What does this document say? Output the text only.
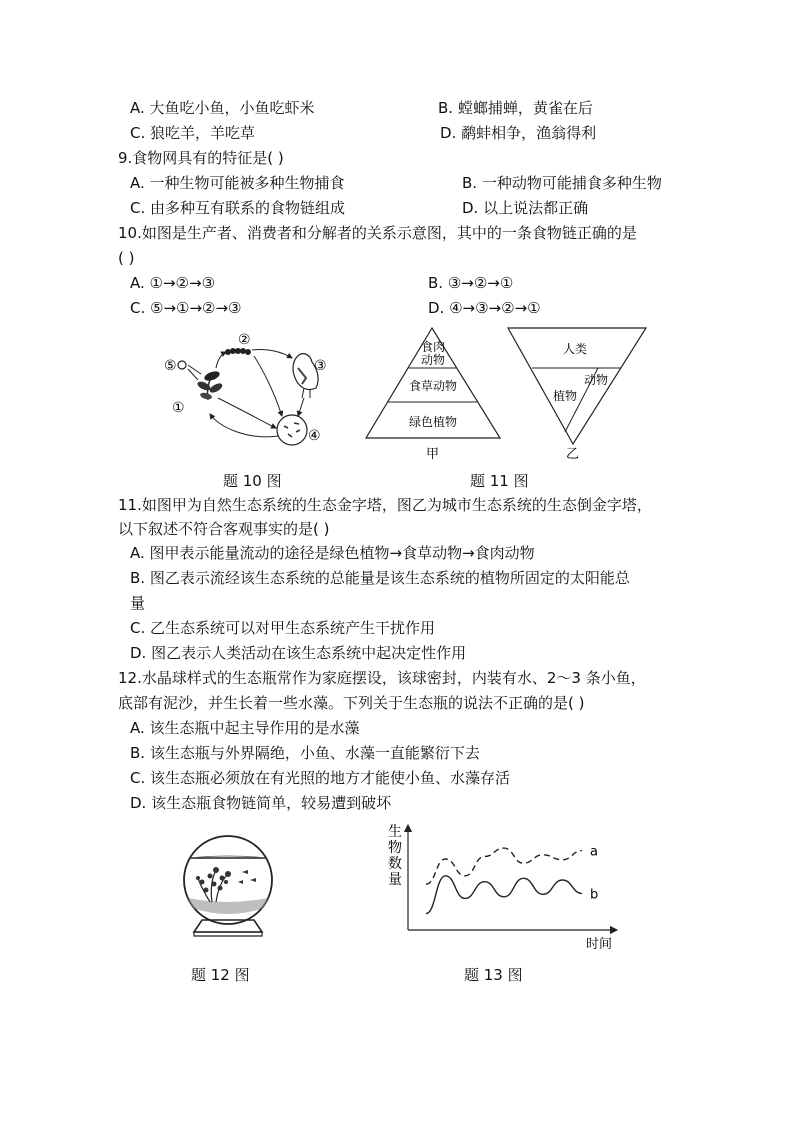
A. 大鱼吃小鱼，小鱼吃虾米	B. 螳螂捕蝉，黄雀在后
C. 狼吃羊，羊吃草	D. 鹬蚌相争，渔翁得利
9.食物网具有的特征是( )
A. 一种生物可能被多种生物捕食	B. 一种动物可能捕食多种生物
C. 由多种互有联系的食物链组成	D. 以上说法都正确
10.如图是生产者、消费者和分解者的关系示意图，其中的一条食物链正确的是
( )
A. ①→②→③	B. ③→②→①
C. ⑤→①→②→③	D. ④→③→②→①
⑤
①
②
③
④
题 10 图
食肉
动物
食草动物
绿色植物
甲
人类
植物
动物
乙
题 11 图
11.如图甲为自然生态系统的生态金字塔，图乙为城市生态系统的生态倒金字塔，
以下叙述不符合客观事实的是( )
A. 图甲表示能量流动的途径是绿色植物→食草动物→食肉动物
B. 图乙表示流经该生态系统的总能量是该生态系统的植物所固定的太阳能总
量
C. 乙生态系统可以对甲生态系统产生干扰作用
D. 图乙表示人类活动在该生态系统中起决定性作用
12.水晶球样式的生态瓶常作为家庭摆设，该球密封，内装有水、2～3 条小鱼，
底部有泥沙，并生长着一些水藻。下列关于生态瓶的说法不正确的是( )
A. 该生态瓶中起主导作用的是水藻
B. 该生态瓶与外界隔绝，小鱼、水藻一直能繁衍下去
C. 该生态瓶必须放在有光照的地方才能使小鱼、水藻存活
D. 该生态瓶食物链简单，较易遭到破坏
题 12 图
生物数量
时间
a
b
题 13 图
